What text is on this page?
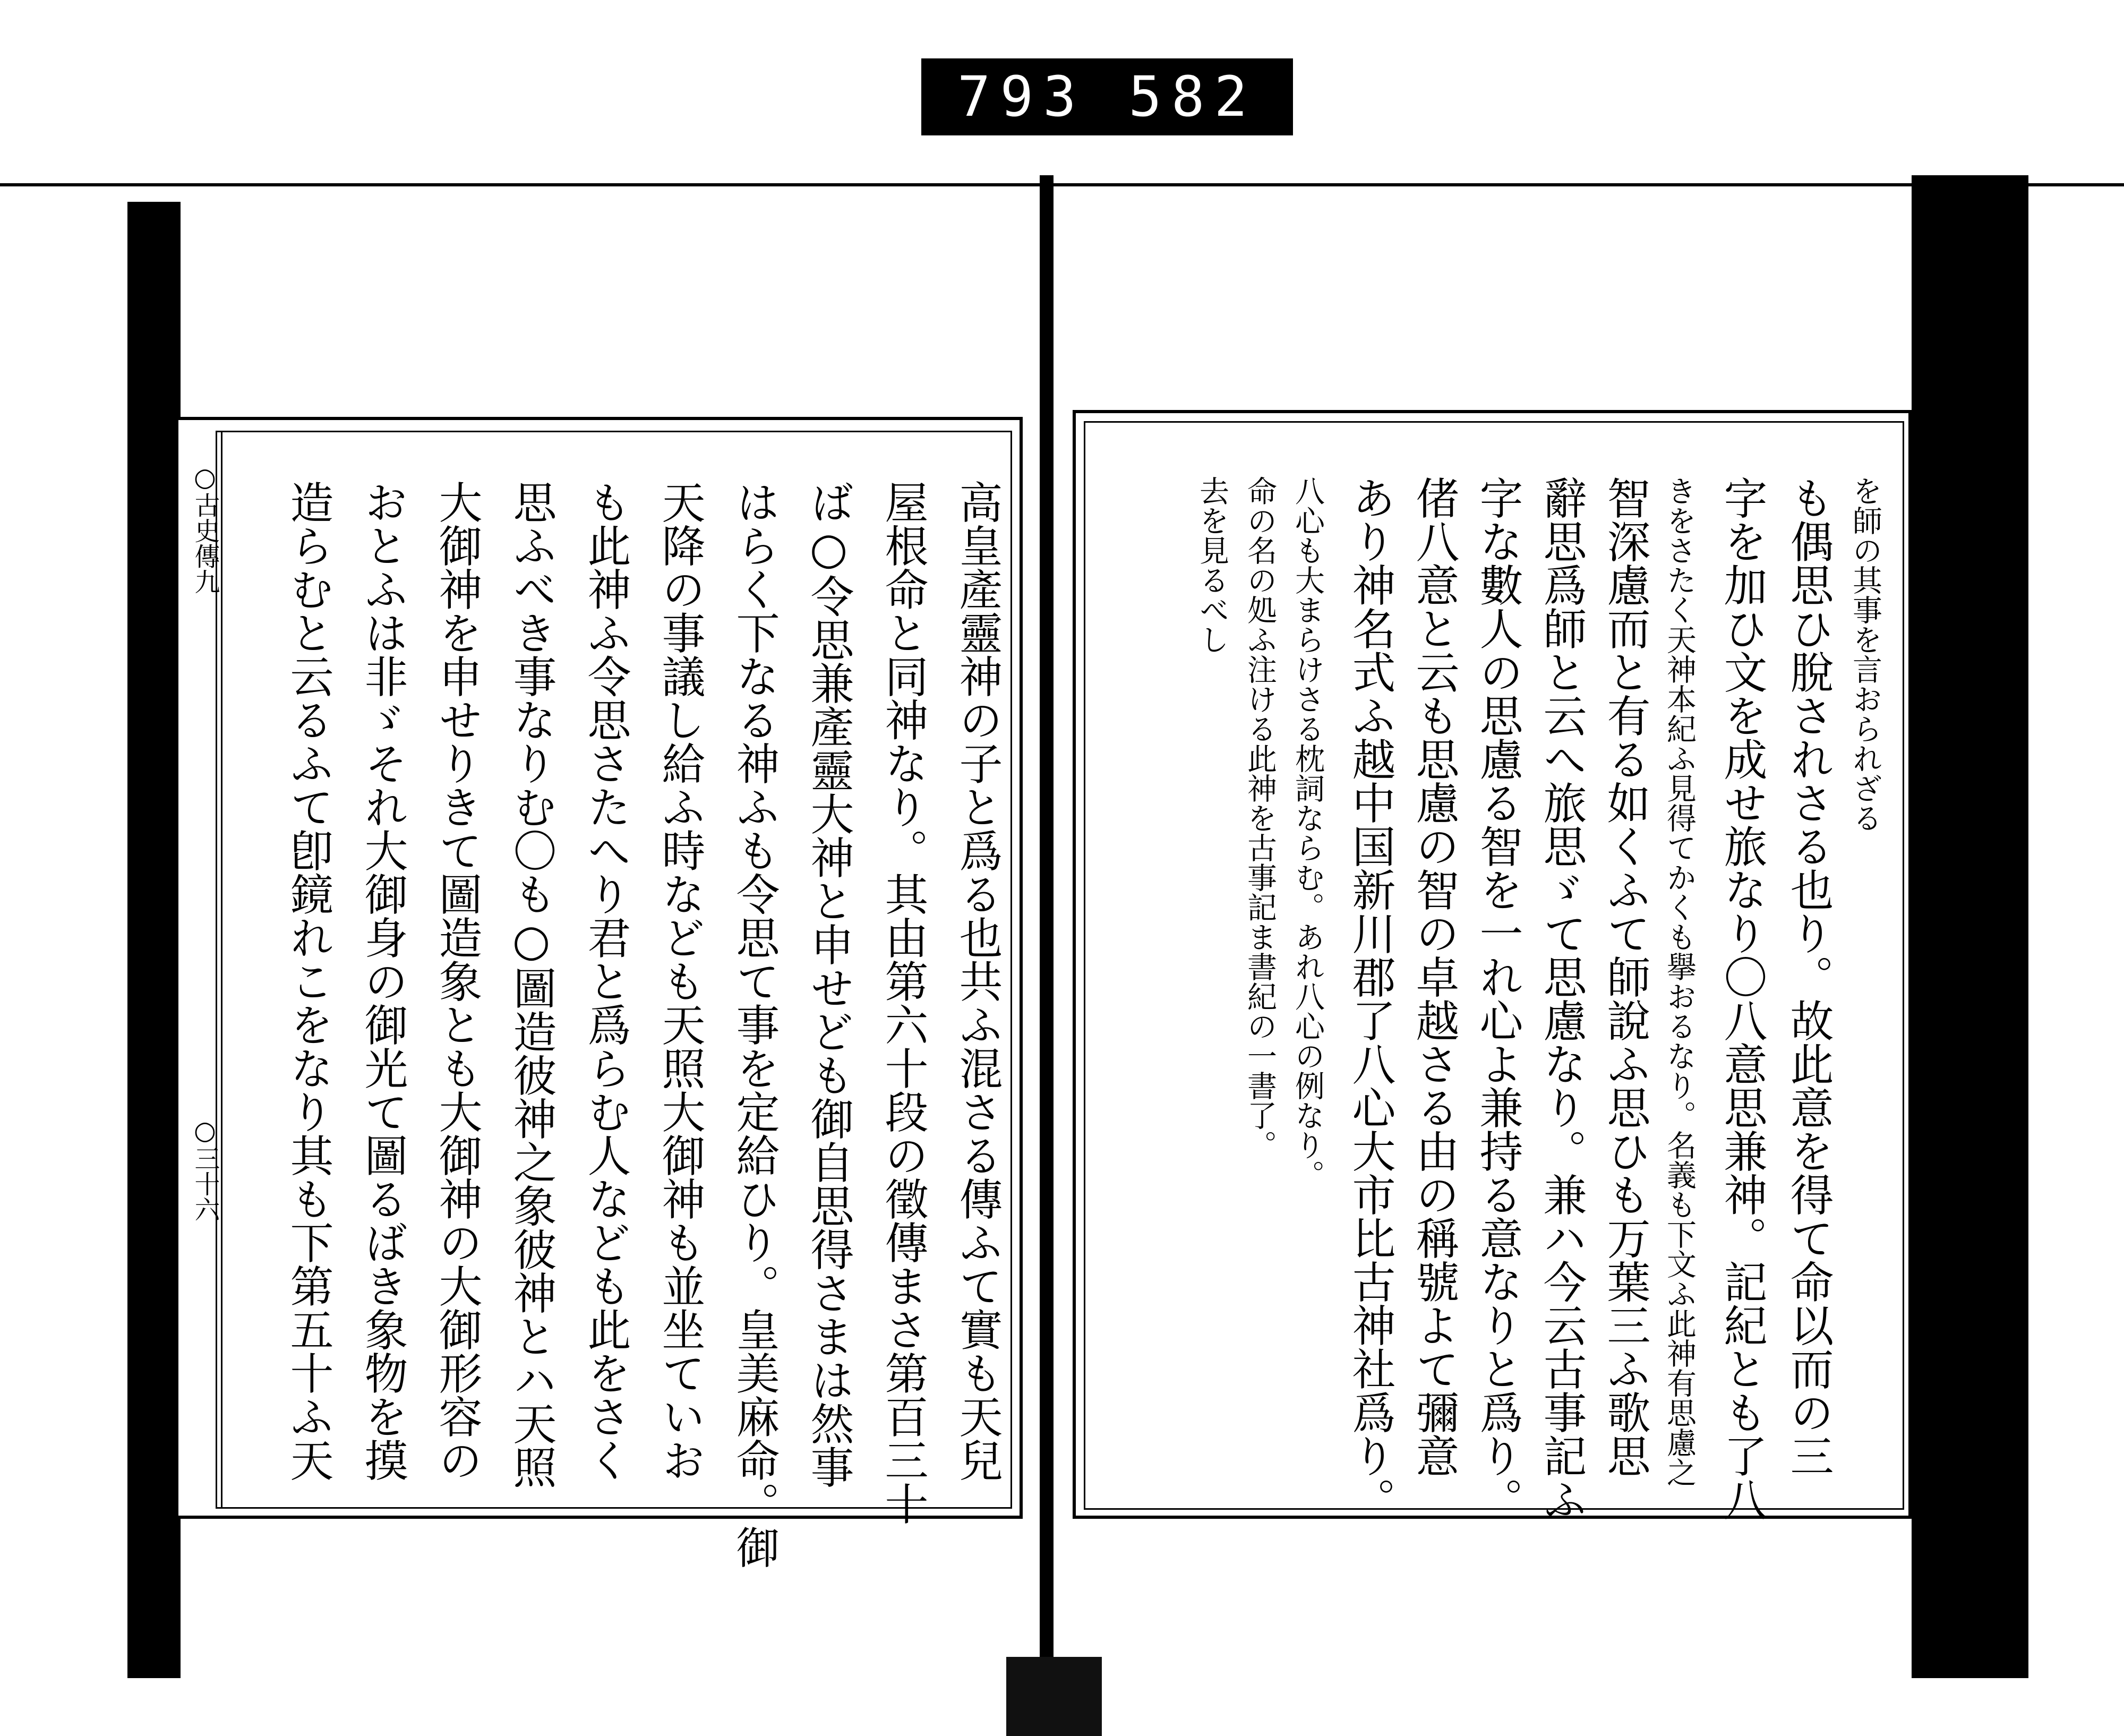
793 582
○古史傳九
○三十六	高皇產靈神の子と爲る也共ふ混さる傳ふて實も天兒
屋根命と同神なり。其由第六十段の徵傳まさ第百三十
ば○令思兼產靈大神と申せども御自思得さまは然事
はらく下なる神ふも令思て事を定給ひり。皇美麻命。御
天降の事議し給ふ時なども天照大御神も並坐ていお
も此神ふ令思さたへり君と爲らむ人なども此をさく
思ふべき事なりむ〇も○圖造彼神之象彼神とハ天照
大御神を申せりきて圖造象とも大御神の大御形容の
おとふは非ゞそれ大御身の御光て圖るばき象物を摸
造らむと云るふて卽鏡れこをなり其も下第五十ふ天	を師の其事を言おられざる
も偶思ひ脫されさる也り。故此意を得て命以而の三
字を加ひ文を成せ旅なり〇八意思兼神。記紀とも了八
きをさたく天神本紀ふ見得てかくも擧おるなり。名義も下文ふ此神有思慮之
智深慮而と有る如くふて師說ふ思ひも万葉三ふ歌思
辭思爲師と云へ旅思ゞて思慮なり。兼ハ今云古事記ふ
字な數人の思慮る智を一れ心よ兼持る意なりと爲り。
偖八意と云も思慮の智の卓越さる由の稱號よて彌意
あり神名式ふ越中国新川郡了八心大市比古神社爲り。
八心も大まらけさる枕詞ならむ。あれ八心の例なり。
命の名の処ふ注ける此神を古事記ま書紀の一書了。
去を見るべし
